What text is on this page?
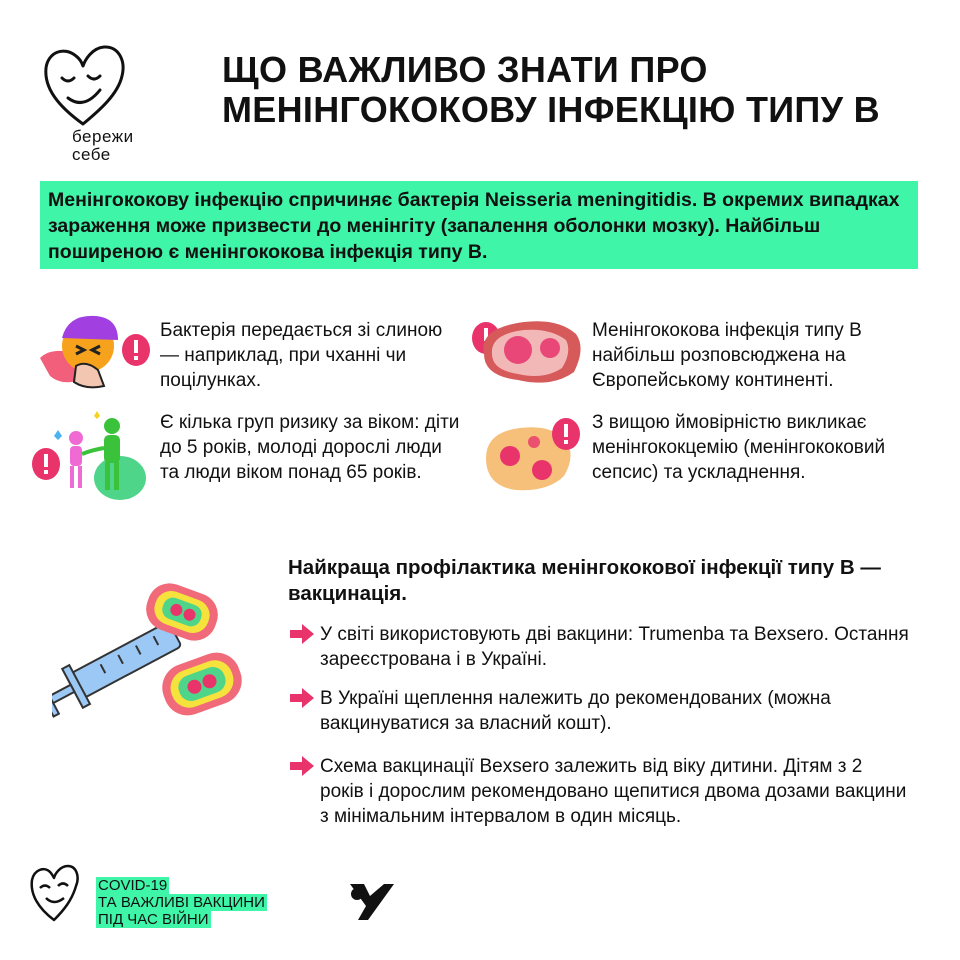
бережи
себе
ЩО ВАЖЛИВО ЗНАТИ ПРО
МЕНІНГОКОКОВУ ІНФЕКЦІЮ ТИПУ В
Менінгококову інфекцію спричиняє бактерія Neisseria meningitidis. В окремих випадках зараження може призвести до менінгіту (запалення оболонки мозку). Найбільш поширеною є менінгококова інфекція типу В.
Бактерія передається зі слиною — наприклад, при чханні чи поцілунках.
Є кілька груп ризику за віком: діти до 5 років, молоді дорослі люди та люди віком понад 65 років.
Менінгококова інфекція типу В найбільш розповсюджена на Європейському континенті.
З вищою ймовірністю викликає менінгококцемію (менінгококовий сепсис) та ускладнення.
Найкраща профілактика менінгококової інфекції типу В — вакцинація.
У світі використовують дві вакцини: Trumenba та Bexsero. Остання зареєстрована і в Україні.
В Україні щеплення належить до рекомендованих (можна вакцинуватися за власний кошт).
Схема вакцинації Bexsero залежить від віку дитини. Дітям з 2 років і дорослим рекомендовано щепитися двома дозами вакцини з мінімальним інтервалом в один місяць.
COVID-19
ТА ВАЖЛИВІ ВАКЦИНИ
ПІД ЧАС ВІЙНИ
